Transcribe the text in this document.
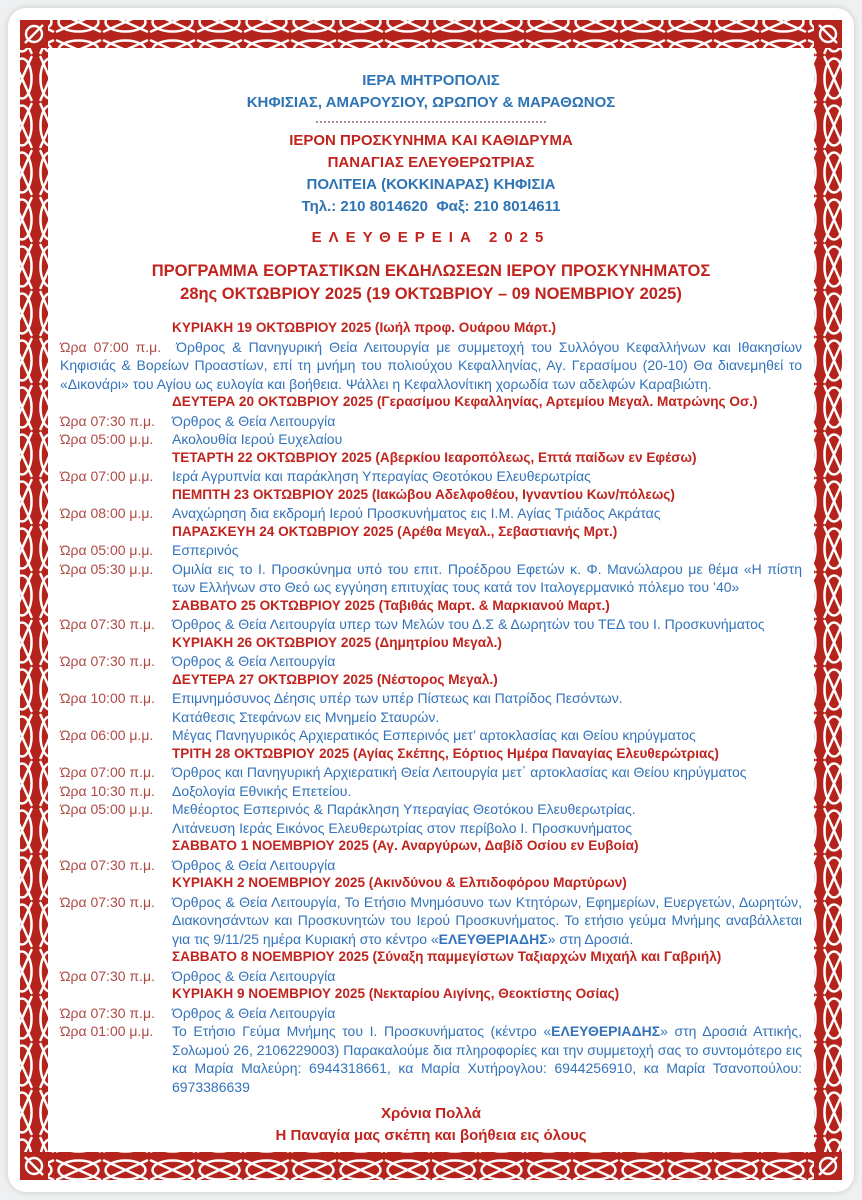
ΙΕΡΑ ΜΗΤΡΟΠΟΛΙΣ
ΚΗΦΙΣΙΑΣ, ΑΜΑΡΟΥΣΙΟΥ, ΩΡΩΠΟΥ & ΜΑΡΑΘΩΝΟΣ
ΙΕΡΟΝ ΠΡΟΣΚΥΝΗΜΑ ΚΑΙ ΚΑΘΙΔΡΥΜΑ
ΠΑΝΑΓΙΑΣ ΕΛΕΥΘΕΡΩΤΡΙΑΣ
ΠΟΛΙΤΕΙΑ (ΚΟΚΚΙΝΑΡΑΣ) ΚΗΦΙΣΙΑ
Τηλ.: 210 8014620  Φαξ: 210 8014611
ΕΛΕΥΘΕΡΕΙΑ 2025
ΠΡΟΓΡΑΜΜΑ ΕΟΡΤΑΣΤΙΚΩΝ ΕΚΔΗΛΩΣΕΩΝ ΙΕΡΟΥ ΠΡΟΣΚΥΝΗΜΑΤΟΣ
28ης ΟΚΤΩΒΡΙΟΥ 2025 (19 ΟΚΤΩΒΡΙΟΥ – 09 ΝΟΕΜΒΡΙΟΥ 2025)
ΚΥΡΙΑΚΗ 19 ΟΚΤΩΒΡΙΟΥ 2025 (Ιωήλ προφ. Ουάρου Μάρτ.)

Ώρα 07:00 π.μ. Όρθρος & Πανηγυρική Θεία Λειτουργία με συμμετοχή του Συλλόγου Κεφαλλήνων και Ιθακησίων Κηφισιάς & Βορείων Προαστίων, επί τη μνήμη του πολιούχου Κεφαλληνίας, Αγ. Γερασίμου (20-10) Θα διανεμηθεί το «Δικονάρι» του Αγίου ως ευλογία και βοήθεια. Ψάλλει η Κεφαλλονίτικη χορωδία των αδελφών Καραβιώτη.

ΔΕΥΤΕΡΑ 20 ΟΚΤΩΒΡΙΟΥ 2025 (Γερασίμου Κεφαλληνίας, Αρτεμίου Μεγαλ. Ματρώνης Οσ.)
Ώρα 07:30 π.μ.	Όρθρος & Θεία Λειτουργία
Ώρα 05:00 μ.μ.	Ακολουθία Ιερού Ευχελαίου
ΤΕΤΑΡΤΗ 22 ΟΚΤΩΒΡΙΟΥ 2025 (Αβερκίου Ιεαροπόλεως, Επτά παίδων εν Εφέσω)
Ώρα 07:00 μ.μ.	Ιερά Αγρυπνία και παράκληση Υπεραγίας Θεοτόκου Ελευθερωτρίας
ΠΕΜΠΤΗ 23 ΟΚΤΩΒΡΙΟΥ 2025 (Ιακώβου Αδελφοθέου, Ιγναντίου Κων/πόλεως)
Ώρα 08:00 μ.μ.	Αναχώρηση δια εκδρομή Ιερού Προσκυνήματος εις Ι.Μ. Αγίας Τριάδος Ακράτας
ΠΑΡΑΣΚΕΥΗ 24 ΟΚΤΩΒΡΙΟΥ 2025 (Αρέθα Μεγαλ., Σεβαστιανής Μρτ.)
Ώρα 05:00 μ.μ.	Εσπερινός
Ώρα 05:30 μ.μ.	Ομιλία εις το Ι. Προσκύνημα υπό του επιτ. Προέδρου Εφετών κ. Φ. Μανώλαρου με θέμα «Η πίστη των Ελλήνων στο Θεό ως εγγύηση επιτυχίας τους κατά τον Ιταλογερμανικό πόλεμο του ’40»
ΣΑΒΒΑΤΟ 25 ΟΚΤΩΒΡΙΟΥ 2025 (Ταβιθάς Μαρτ. & Μαρκιανού Μαρτ.)
Ώρα 07:30 π.μ.	Όρθρος & Θεία Λειτουργία υπερ των Μελών του Δ.Σ & Δωρητών του ΤΕΔ του Ι. Προσκυνήματος
ΚΥΡΙΑΚΗ 26 ΟΚΤΩΒΡΙΟΥ 2025 (Δημητρίου Μεγαλ.)
Ώρα 07:30 π.μ.	Όρθρος & Θεία Λειτουργία
ΔΕΥΤΕΡΑ 27 ΟΚΤΩΒΡΙΟΥ 2025 (Νέστορος Μεγαλ.)
Ώρα 10:00 π.μ.	Επιμνημόσυνος Δέησις υπέρ των υπέρ Πίστεως και Πατρίδος Πεσόντων.
Κατάθεσις Στεφάνων εις Μνημείο Σταυρών.
Ώρα 06:00 μ.μ.	Μέγας Πανηγυρικός Αρχιερατικός Εσπερινός μετ’ αρτοκλασίας και Θείου κηρύγματος
ΤΡΙΤΗ 28 ΟΚΤΩΒΡΙΟΥ 2025 (Αγίας Σκέπης, Εόρτιος Ημέρα Παναγίας Ελευθερώτριας)
Ώρα 07:00 π.μ.	Όρθρος και Πανηγυρική Αρχιερατική Θεία Λειτουργία μετ΄ αρτοκλασίας και Θείου κηρύγματος
Ώρα 10:30 π.μ.	Δοξολογία Εθνικής Επετείου.
Ώρα 05:00 μ.μ.	Μεθέορτος Εσπερινός & Παράκληση Υπεραγίας Θεοτόκου Ελευθερωτρίας.
Λιτάνευση Ιεράς Εικόνος Ελευθερωτρίας στον περίβολο Ι. Προσκυνήματος
ΣΑΒΒΑΤΟ 1 ΝΟΕΜΒΡΙΟΥ 2025 (Αγ. Αναργύρων, Δαβίδ Οσίου εν Ευβοία)
Ώρα 07:30 π.μ.	Όρθρος & Θεία Λειτουργία
ΚΥΡΙΑΚΗ 2 ΝΟΕΜΒΡΙΟΥ 2025 (Ακινδύνου & Ελπιδοφόρου Μαρτύρων)
Ώρα 07:30 π.μ.	Όρθρος & Θεία Λειτουργία, Το Ετήσιο Μνημόσυνο των Κτητόρων, Εφημερίων, Ευεργετών, Δωρητών, Διακονησάντων και Προσκυνητών του Ιερού Προσκυνήματος. Το ετήσιο γεύμα Μνήμης αναβάλλεται για τις 9/11/25 ημέρα Κυριακή στο κέντρο «ΕΛΕΥΘΕΡΙΑΔΗΣ» στη Δροσιά.
ΣΑΒΒΑΤΟ 8 ΝΟΕΜΒΡΙΟΥ 2025 (Σύναξη παμμεγίστων Ταξιαρχών Μιχαήλ και Γαβριήλ)
Ώρα 07:30 π.μ.	Όρθρος & Θεία Λειτουργία
ΚΥΡΙΑΚΗ 9 ΝΟΕΜΒΡΙΟΥ 2025 (Νεκταρίου Αιγίνης, Θεοκτίστης Οσίας)
Ώρα 07:30 π.μ.	Όρθρος & Θεία Λειτουργία
Ώρα 01:00 μ.μ.	Το Ετήσιο Γεύμα Μνήμης του Ι. Προσκυνήματος (κέντρο «ΕΛΕΥΘΕΡΙΑΔΗΣ» στη Δροσιά Αττικής, Σολωμού 26, 2106229003) Παρακαλούμε δια πληροφορίες και την συμμετοχή σας το συντομότερο εις κα Μαρία Μαλεύρη: 6944318661, κα Μαρία Χυτήρογλου: 6944256910, κα Μαρία Τσανοπούλου: 6973386639
Χρόνια Πολλά
Η Παναγία μας σκέπη και βοήθεια εις όλους
